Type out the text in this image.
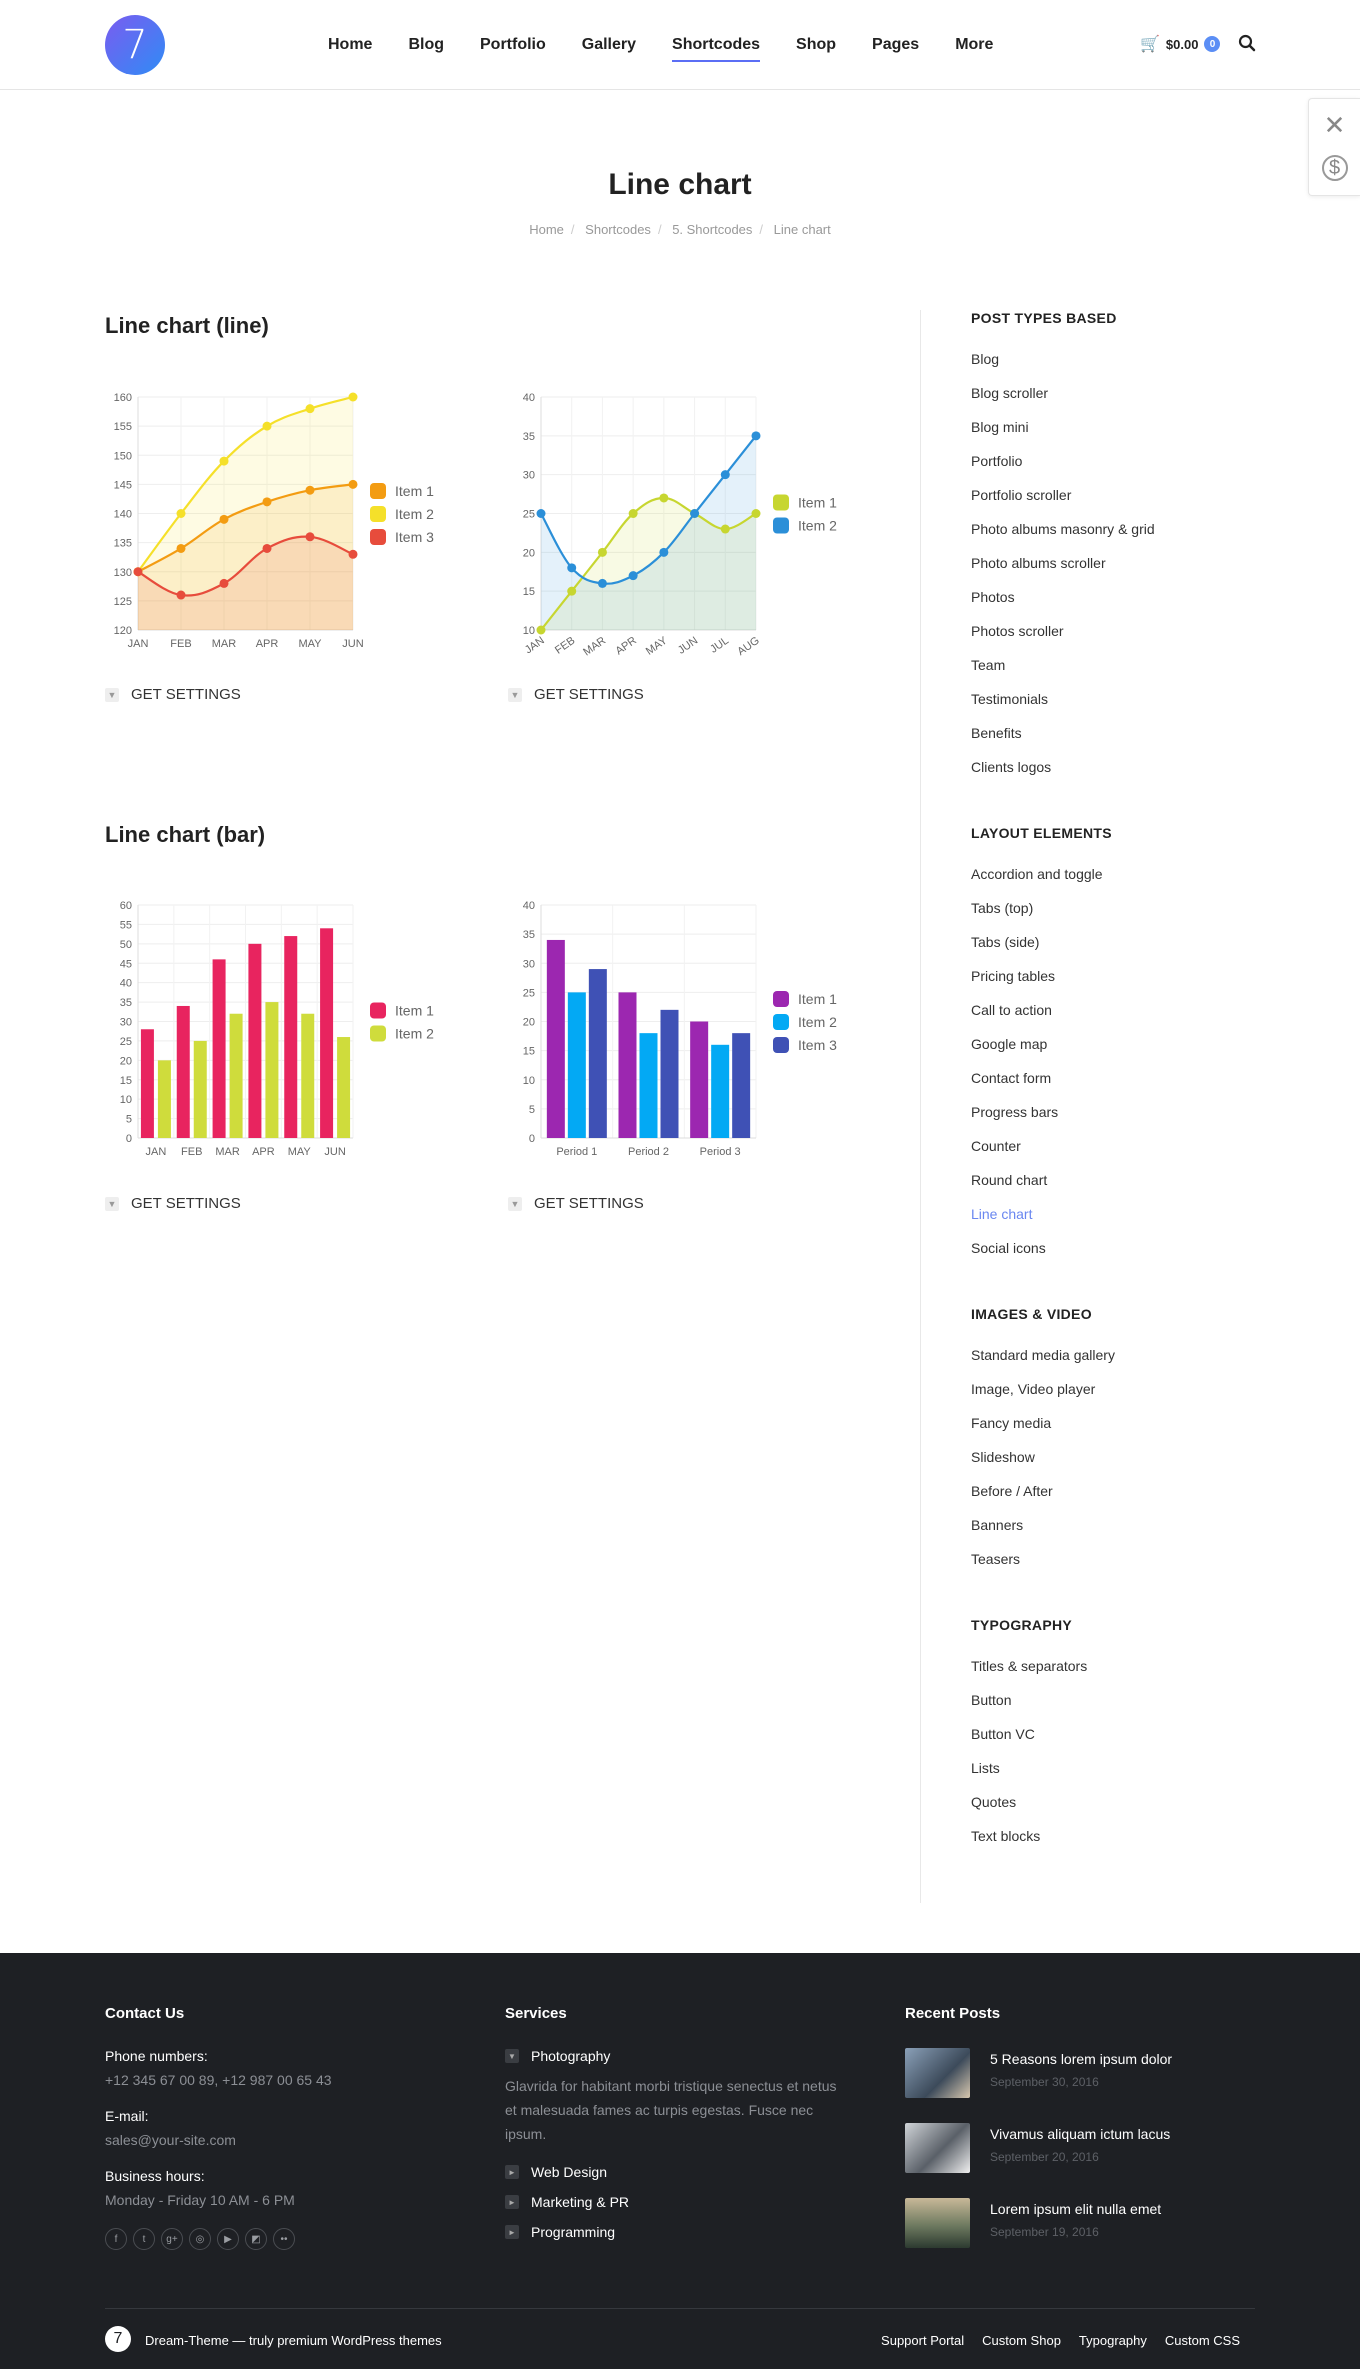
7	Home Blog Portfolio Gallery Shortcodes Shop Pages More	🛒 $0.00	0
✕
$
Line chart
Home / Shortcodes / 5. Shortcodes / Line chart
Line chart (line)
120
125
130
135
140
145
150
155
160
JAN FEB MAR APR MAY JUN
Item 1
Item 2
Item 3
10
15
20
25
30
35
40
JAN FEB MAR APR MAY JUN JUL AUG
Item 1
Item 2
▼ GET SETTINGS	▼ GET SETTINGS
Line chart (bar)
0
5
10
15
20
25
30
35
40
45
50
55
60
JAN FEB MAR APR MAY JUN
Item 1
Item 2
0
5
10
15
20
25
30
35
40
Period 1	Period 2	Period 3
Item 1
Item 2
Item 3
▼ GET SETTINGS	▼ GET SETTINGS
POST TYPES BASED
Blog
Blog scroller
Blog mini
Portfolio
Portfolio scroller
Photo albums masonry & grid
Photo albums scroller
Photos
Photos scroller
Team
Testimonials
Benefits
Clients logos
LAYOUT ELEMENTS
Accordion and toggle
Tabs (top)
Tabs (side)
Pricing tables
Call to action
Google map
Contact form
Progress bars
Counter
Round chart
Line chart
Social icons
IMAGES & VIDEO
Standard media gallery
Image, Video player
Fancy media
Slideshow
Before / After
Banners
Teasers
TYPOGRAPHY
Titles & separators
Button
Button VC
Lists
Quotes
Text blocks
Contact Us
Phone numbers:
+12 345 67 00 89, +12 987 00 65 43
E-mail:
sales@your-site.com
Business hours:
Monday - Friday 10 AM - 6 PM
f	t	g+	◎	▶	◩	••
Services
▼ Photography
Glavrida for habitant morbi tristique senectus et netus et malesuada fames ac turpis egestas. Fusce nec ipsum.
► Web Design
► Marketing & PR
► Programming
Recent Posts
5 Reasons lorem ipsum dolor
September 30, 2016
Vivamus aliquam ictum lacus
September 20, 2016
Lorem ipsum elit nulla emet
September 19, 2016
7	Dream-Theme — truly premium WordPress themes	Support Portal Custom Shop Typography Custom CSS
